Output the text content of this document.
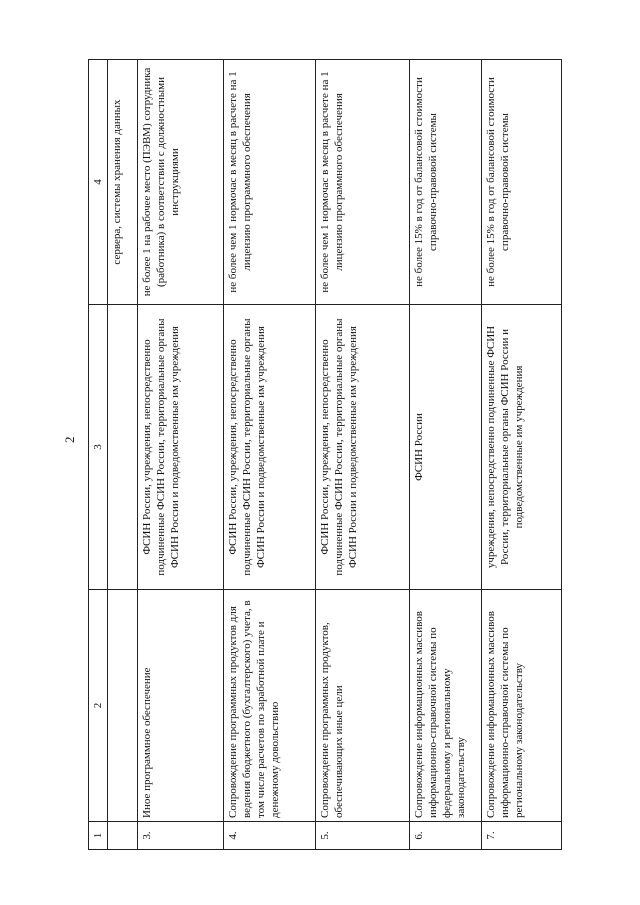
2
1	2	3	4
			сервера, системы хранения данных
3.	Иное программное обеспечение	ФСИН России, учреждения, непосредственно подчиненные ФСИН России, территориальные органы ФСИН России и подведомственные им учреждения	не более 1 на рабочее место (ПЭВМ) сотрудника (работника) в соответствии с должностными инструкциями
4.	Сопровождение программных продуктов для ведения бюджетного (бухгалтерского) учета, в том числе расчетов по заработной плате и денежному довольствию	ФСИН России, учреждения, непосредственно подчиненные ФСИН России, территориальные органы ФСИН России и подведомственные им учреждения	не более чем 1 нормочас в месяц в расчете на 1 лицензию программного обеспечения
5.	Сопровождение программных продуктов, обеспечивающих иные цели	ФСИН России, учреждения, непосредственно подчиненные ФСИН России, территориальные органы ФСИН России и подведомственные им учреждения	не более чем 1 нормочас в месяц в расчете на 1 лицензию программного обеспечения
6.	Сопровождение информационных массивов информационно-справочной системы по федеральному и региональному законодательству	ФСИН России	не более 15% в год от балансовой стоимости справочно-правовой системы
7.	Сопровождение информационных массивов информационно-справочной системы по региональному законодательству	учреждения, непосредственно подчиненные ФСИН России, территориальные органы ФСИН России и подведомственные им учреждения	не более 15% в год от балансовой стоимости справочно-правовой системы
